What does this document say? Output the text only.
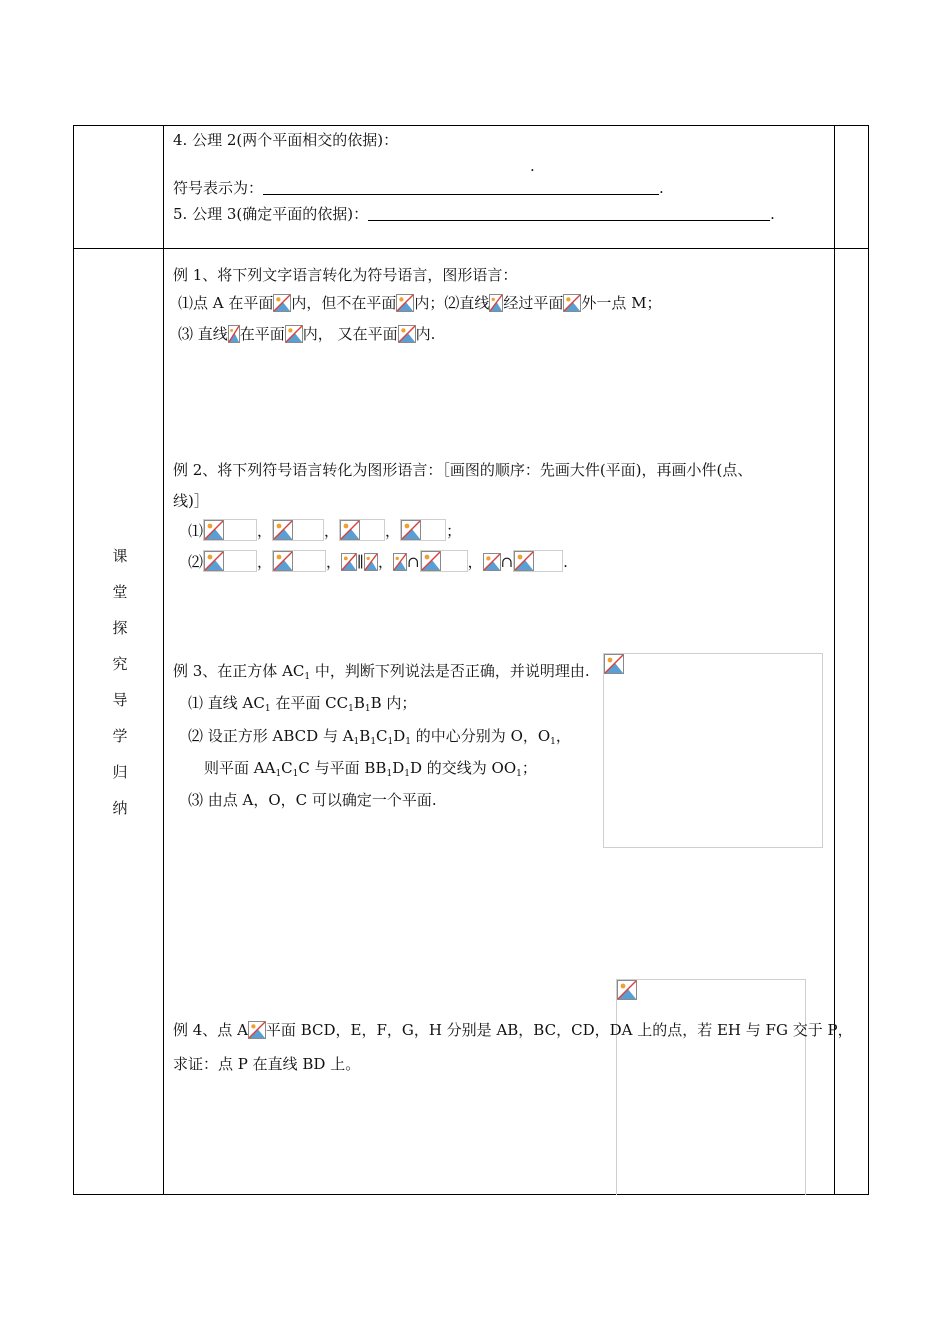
4. 公理 2(两个平面相交的依据)：
.
符号表示为：	.
5. 公理 3(确定平面的依据)：	.
课
堂
探
究
导
学
归
纳
例 1、将下列文字语言转化为符号语言，图形语言：
⑴点 A 在平面 内，但不在平面 内；⑵直线 经过平面 外一点 M；
⑶ 直线 在平面 内， 又在平面 内.
例 2、将下列符号语言转化为图形语言：［画图的顺序：先画大件(平面)，再画小件(点、
线)］
⑴	，	，	，	；
⑵	，	， ∥ ， ∩	， ∩	.
例 3、在正方体 $AC_1$ 中，判断下列说法是否正确，并说明理由.
⑴ 直线 $AC_1$ 在平面 $CC_1B_1B$ 内；
⑵ 设正方形 ABCD 与 $A_1B_1C_1D_1$ 的中心分别为 O，$O_1$，
则平面 $AA_1C_1C$ 与平面 $BB_1D_1D$ 的交线为 $OO_1$；
⑶ 由点 A，O，C 可以确定一个平面.
例 4、点 A 平面 BCD，E，F，G，H 分别是 AB，BC，CD，DA 上的点，若 EH 与 FG 交于 P，
求证：点 P 在直线 BD 上。
